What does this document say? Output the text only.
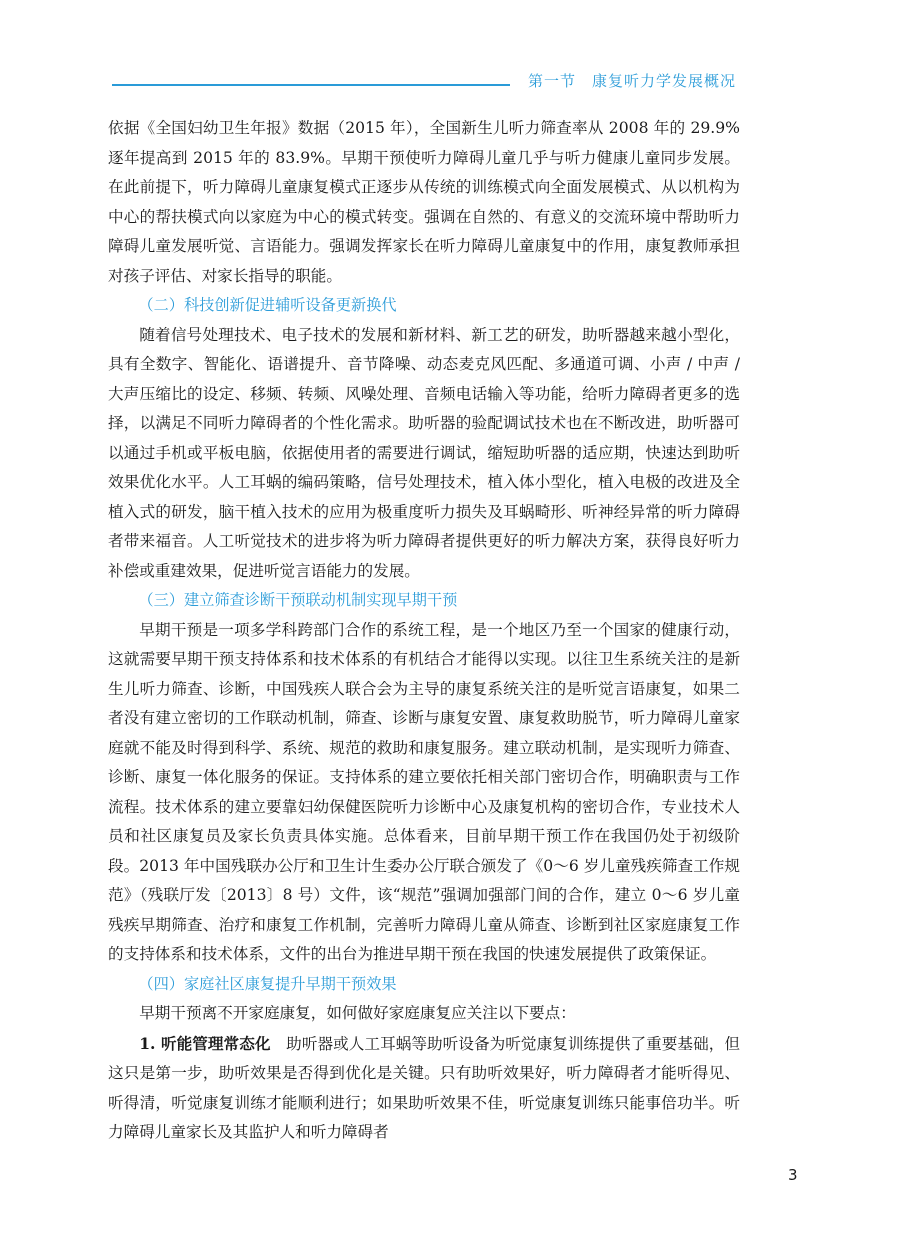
第一节　康复听力学发展概况

依据《全国妇幼卫生年报》数据（2015 年），全国新生儿听力筛查率从 2008 年的 29.9% 逐年提高到 2015 年的 83.9%。早期干预使听力障碍儿童几乎与听力健康儿童同步发展。在此前提下，听力障碍儿童康复模式正逐步从传统的训练模式向全面发展模式、从以机构为中心的帮扶模式向以家庭为中心的模式转变。强调在自然的、有意义的交流环境中帮助听力障碍儿童发展听觉、言语能力。强调发挥家长在听力障碍儿童康复中的作用，康复教师承担对孩子评估、对家长指导的职能。

（二）科技创新促进辅听设备更新换代

随着信号处理技术、电子技术的发展和新材料、新工艺的研发，助听器越来越小型化，具有全数字、智能化、语谱提升、音节降噪、动态麦克风匹配、多通道可调、小声 / 中声 / 大声压缩比的设定、移频、转频、风噪处理、音频电话输入等功能，给听力障碍者更多的选择，以满足不同听力障碍者的个性化需求。助听器的验配调试技术也在不断改进，助听器可以通过手机或平板电脑，依据使用者的需要进行调试，缩短助听器的适应期，快速达到助听效果优化水平。人工耳蜗的编码策略，信号处理技术，植入体小型化，植入电极的改进及全植入式的研发，脑干植入技术的应用为极重度听力损失及耳蜗畸形、听神经异常的听力障碍者带来福音。人工听觉技术的进步将为听力障碍者提供更好的听力解决方案，获得良好听力补偿或重建效果，促进听觉言语能力的发展。

（三）建立筛查诊断干预联动机制实现早期干预

早期干预是一项多学科跨部门合作的系统工程，是一个地区乃至一个国家的健康行动，这就需要早期干预支持体系和技术体系的有机结合才能得以实现。以往卫生系统关注的是新生儿听力筛查、诊断，中国残疾人联合会为主导的康复系统关注的是听觉言语康复，如果二者没有建立密切的工作联动机制，筛查、诊断与康复安置、康复救助脱节，听力障碍儿童家庭就不能及时得到科学、系统、规范的救助和康复服务。建立联动机制，是实现听力筛查、诊断、康复一体化服务的保证。支持体系的建立要依托相关部门密切合作，明确职责与工作流程。技术体系的建立要靠妇幼保健医院听力诊断中心及康复机构的密切合作，专业技术人员和社区康复员及家长负责具体实施。总体看来，目前早期干预工作在我国仍处于初级阶段。2013 年中国残联办公厅和卫生计生委办公厅联合颁发了《0～6 岁儿童残疾筛查工作规范》（残联厅发〔2013〕8 号）文件，该“规范”强调加强部门间的合作，建立 0～6 岁儿童残疾早期筛查、治疗和康复工作机制，完善听力障碍儿童从筛查、诊断到社区家庭康复工作的支持体系和技术体系，文件的出台为推进早期干预在我国的快速发展提供了政策保证。

（四）家庭社区康复提升早期干预效果

早期干预离不开家庭康复，如何做好家庭康复应关注以下要点：

1. 听能管理常态化　助听器或人工耳蜗等助听设备为听觉康复训练提供了重要基础，但这只是第一步，助听效果是否得到优化是关键。只有助听效果好，听力障碍者才能听得见、听得清，听觉康复训练才能顺利进行；如果助听效果不佳，听觉康复训练只能事倍功半。听力障碍儿童家长及其监护人和听力障碍者

3
